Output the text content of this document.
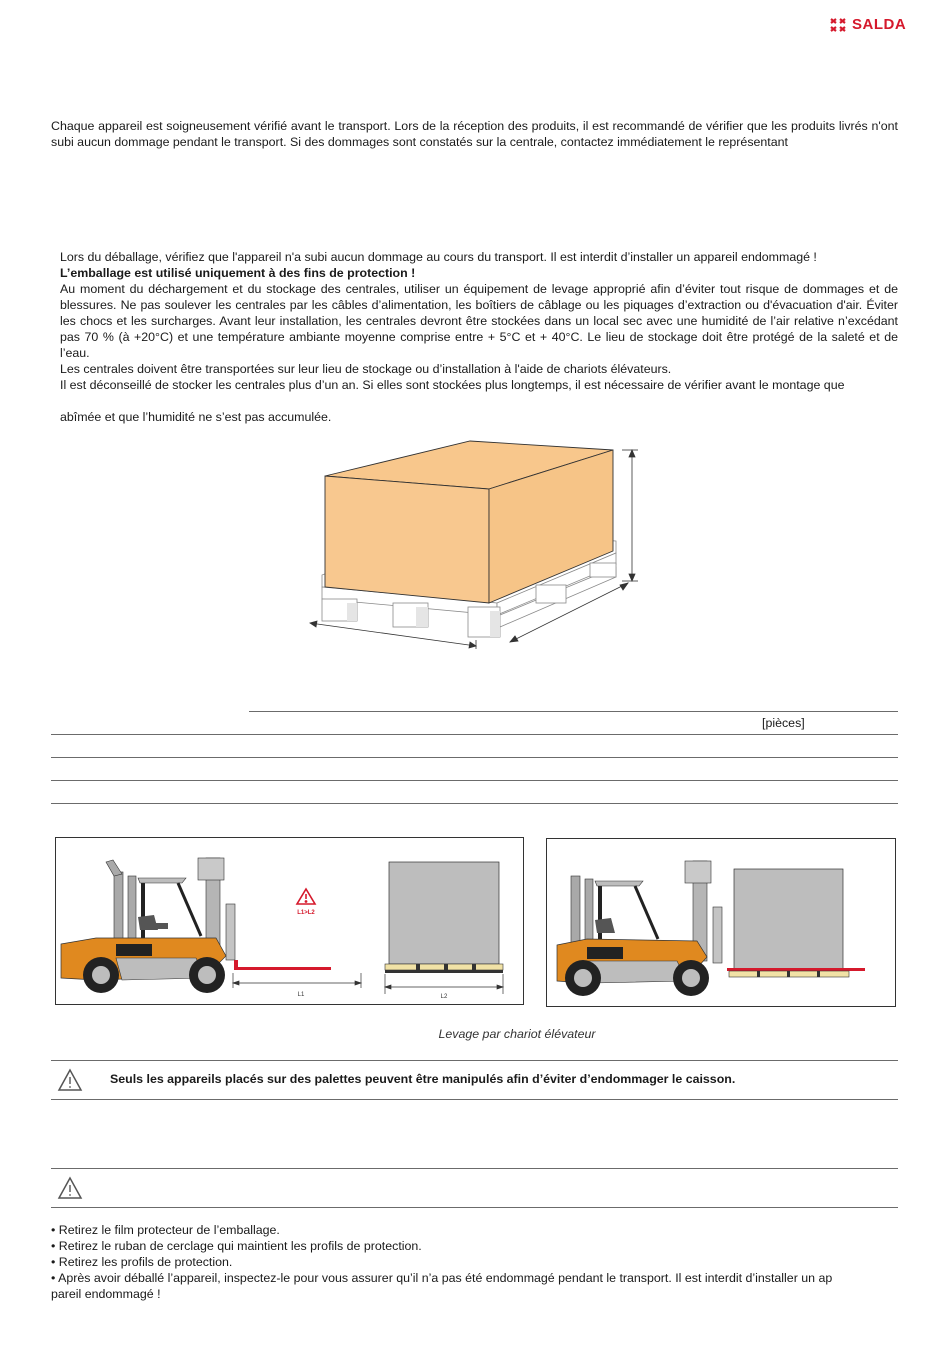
SALDA
Chaque appareil est soigneusement vérifié avant le transport. Lors de la réception des produits, il est recommandé de vérifier que les produits livrés n'ont subi aucun dommage pendant le transport. Si des dommages sont constatés sur la centrale, contactez immédiatement le représentant
Lors du déballage, vérifiez que l'appareil n'a subi aucun dommage au cours du transport. Il est interdit d’installer un appareil endommagé !
L’emballage est utilisé uniquement à des fins de protection !
Au moment du déchargement et du stockage des centrales, utiliser un équipement de levage approprié afin d’éviter tout risque de dommages et de blessures. Ne pas soulever les centrales par les câbles d’alimentation, les boîtiers de câblage ou les piquages d’extraction ou d'évacuation d'air. Éviter les chocs et les surcharges. Avant leur installation, les centrales devront être stockées dans un local sec avec une humidité de l’air relative n’excédant pas 70 % (à +20°C) et une température ambiante moyenne comprise entre + 5°C et + 40°C. Le lieu de stockage doit être protégé de la saleté et de l’eau.
Les centrales doivent être transportées sur leur lieu de stockage ou d’installation à l'aide de chariots élévateurs.
Il est déconseillé de stocker les centrales plus d’un an. Si elles sont stockées plus longtemps, il est nécessaire de vérifier avant le montage que
abîmée et que l’humidité ne s’est pas accumulée.
[pièces]
L1>L2
L1	L2
Levage par chariot élévateur
Seuls les appareils placés sur des palettes peuvent être manipulés afin d’éviter d’endommager le caisson.
• Retirez le film protecteur de l’emballage.
• Retirez le ruban de cerclage qui maintient les profils de protection.
• Retirez les profils de protection.
• Après avoir déballé l’appareil, inspectez-le pour vous assurer qu’il n’a pas été endommagé pendant le transport. Il est interdit d’installer un ap
pareil endommagé !
